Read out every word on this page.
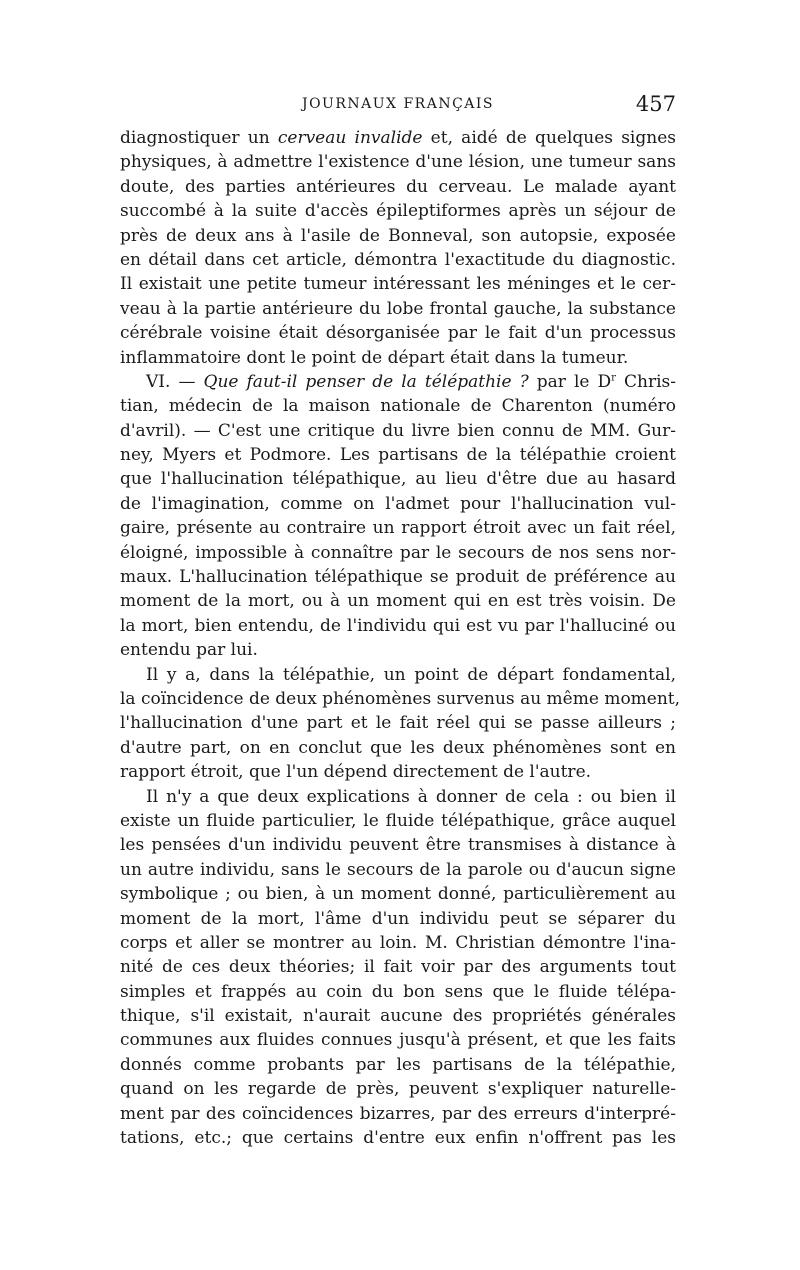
JOURNAUX FRANÇAIS	457
diagnostiquer un cerveau invalide et, aidé de quelques signes
physiques, à admettre l'existence d'une lésion, une tumeur sans
doute, des parties antérieures du cerveau. Le malade ayant
succombé à la suite d'accès épileptiformes après un séjour de
près de deux ans à l'asile de Bonneval, son autopsie, exposée
en détail dans cet article, démontra l'exactitude du diagnostic.
Il existait une petite tumeur intéressant les méninges et le cer-
veau à la partie antérieure du lobe frontal gauche, la substance
cérébrale voisine était désorganisée par le fait d'un processus
inflammatoire dont le point de départ était dans la tumeur.
VI. — Que faut-il penser de la télépathie ? par le $D^r$ Chris-
tian, médecin de la maison nationale de Charenton (numéro
d'avril). — C'est une critique du livre bien connu de MM. Gur-
ney, Myers et Podmore. Les partisans de la télépathie croient
que l'hallucination télépathique, au lieu d'être due au hasard
de l'imagination, comme on l'admet pour l'hallucination vul-
gaire, présente au contraire un rapport étroit avec un fait réel,
éloigné, impossible à connaître par le secours de nos sens nor-
maux. L'hallucination télépathique se produit de préférence au
moment de la mort, ou à un moment qui en est très voisin. De
la mort, bien entendu, de l'individu qui est vu par l'halluciné ou
entendu par lui.
Il y a, dans la télépathie, un point de départ fondamental,
la coïncidence de deux phénomènes survenus au même moment,
l'hallucination d'une part et le fait réel qui se passe ailleurs ;
d'autre part, on en conclut que les deux phénomènes sont en
rapport étroit, que l'un dépend directement de l'autre.
Il n'y a que deux explications à donner de cela : ou bien il
existe un fluide particulier, le fluide télépathique, grâce auquel
les pensées d'un individu peuvent être transmises à distance à
un autre individu, sans le secours de la parole ou d'aucun signe
symbolique ; ou bien, à un moment donné, particulièrement au
moment de la mort, l'âme d'un individu peut se séparer du
corps et aller se montrer au loin. M. Christian démontre l'ina-
nité de ces deux théories; il fait voir par des arguments tout
simples et frappés au coin du bon sens que le fluide télépa-
thique, s'il existait, n'aurait aucune des propriétés générales
communes aux fluides connues jusqu'à présent, et que les faits
donnés comme probants par les partisans de la télépathie,
quand on les regarde de près, peuvent s'expliquer naturelle-
ment par des coïncidences bizarres, par des erreurs d'interpré-
tations, etc.; que certains d'entre eux enfin n'offrent pas les
